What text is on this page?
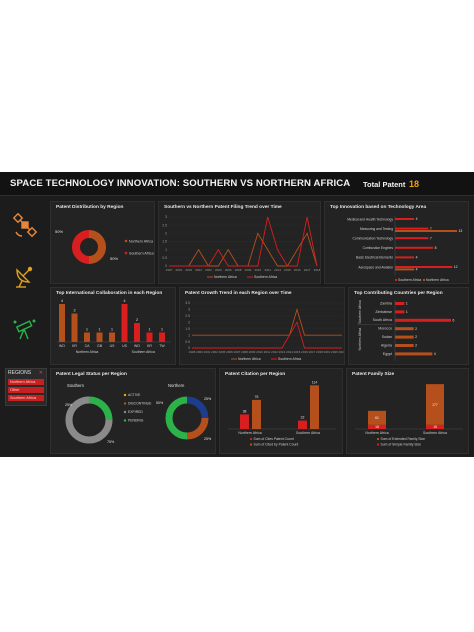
SPACE TECHNOLOGY INNOVATION: SOUTHERN VS NORTHERN AFRICA Total Patent 18
REGIONS ✕
Northern Africa
Other
Southern Africa
Patent Distribution by Region
50%
50%
Northern Africa
Southern Africa
Southern vs Northern Patent Filing Trend over Time
0
0.5
1
1.5
2
2.5
3
1997 2001 2004 2001 2002 2003 2006 2008 2009 2010 2011 2014 2015 2016 2017 2018
Northern Africa	Southern Africa
Top Innovation based on Technology Area
Medical and Health Technology	4
Measuring and Testing	7
13
Communication Technology	7
Combustion Engines	8
Basic Electrical Elements	4
Aerospace and Aviation	12
4
Southern Africa Northern Africa
Top International Collaboration in each Region
4
WO
3
KR
1
CA
1
GB
1
US
4
US
2
WO
1
KR
1
TW
Northern Africa	Southern Africa
Patent Growth Trend in each Region over Time
0
0.5
1
1.5
2
2.5
3
3.5
1998 2000 2001 2002 2005 2006 2007 2008 2009 2010 2011 2012 2013 2014 2015 2016 2017 2018 2019 2020 2021
Northern Africa	Southern Africa
Top Contributing Countries per Region
Zambia	1
Zimbabwe	1
South Africa	6
Morocco	2
Sudan	2
Algeria	2
Egypt	4
Southern Africa
Northern Africa
Patent Legal Status per Region
Southern	Northern
25%
75%
50%
25%
25%
ACTIVE
DISCONTINUE
EXPIRED
PENDING
Patent Citation per Region
38
76
Northern Africa
22
114
Southern Africa
Sum of Cites Patent Count
Sum of Cited by Patent Count
Patent Family Size
18
61
Northern Africa
18
177
Southern Africa
Sum of Extended Family Size
Sum of Simple Family Size
